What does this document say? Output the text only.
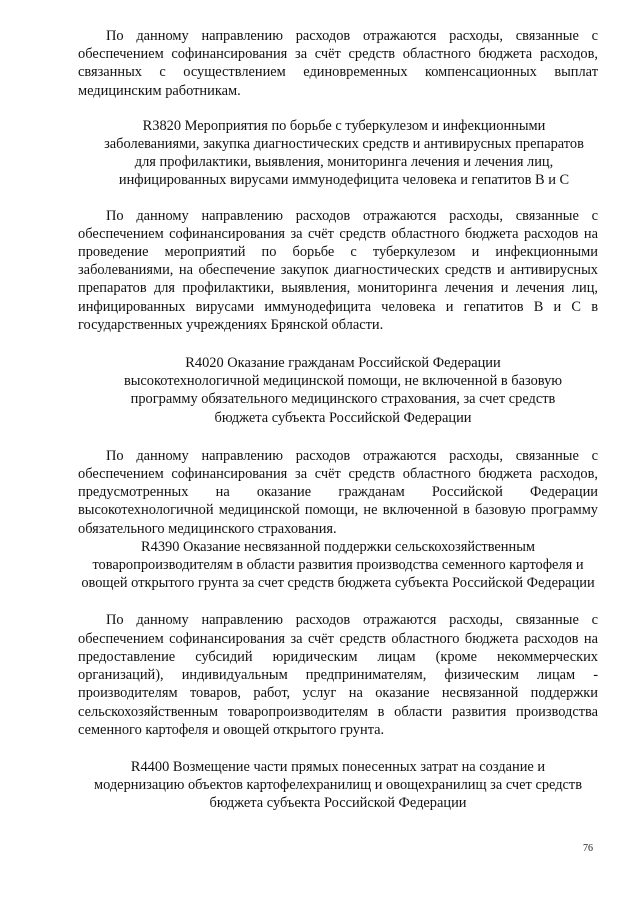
По данному направлению расходов отражаются расходы, связанные с обеспечением софинансирования за счёт средств областного бюджета расходов, связанных с осуществлением единовременных компенсационных выплат медицинским работникам.

R3820 Мероприятия по борьбе с туберкулезом и инфекционными заболеваниями, закупка диагностических средств и антивирусных препаратов для профилактики, выявления, мониторинга лечения и лечения лиц, инфицированных вирусами иммунодефицита человека и гепатитов В и С

По данному направлению расходов отражаются расходы, связанные с обеспечением софинансирования за счёт средств областного бюджета расходов на проведение мероприятий по борьбе с туберкулезом и инфекционными заболеваниями, на обеспечение закупок диагностических средств и антивирусных препаратов для профилактики, выявления, мониторинга лечения и лечения лиц, инфицированных вирусами иммунодефицита человека и гепатитов В и С в государственных учреждениях Брянской области.

R4020 Оказание гражданам Российской Федерации высокотехнологичной медицинской помощи, не включенной в базовую программу обязательного медицинского страхования, за счет средств бюджета субъекта Российской Федерации

По данному направлению расходов отражаются расходы, связанные с обеспечением софинансирования за счёт средств областного бюджета расходов, предусмотренных на оказание гражданам Российской Федерации высокотехнологичной медицинской помощи, не включенной в базовую программу обязательного медицинского страхования.

R4390 Оказание несвязанной поддержки сельскохозяйственным товаропроизводителям в области развития производства семенного картофеля и овощей открытого грунта за счет средств бюджета субъекта Российской Федерации

По данному направлению расходов отражаются расходы, связанные с обеспечением софинансирования за счёт средств областного бюджета расходов на предоставление субсидий юридическим лицам (кроме некоммерческих организаций), индивидуальным предпринимателям, физическим лицам - производителям товаров, работ, услуг на оказание несвязанной поддержки сельскохозяйственным товаропроизводителям в области развития производства семенного картофеля и овощей открытого грунта.

R4400 Возмещение части прямых понесенных затрат на создание и модернизацию объектов картофелехранилищ и овощехранилищ за счет средств бюджета субъекта Российской Федерации

76
